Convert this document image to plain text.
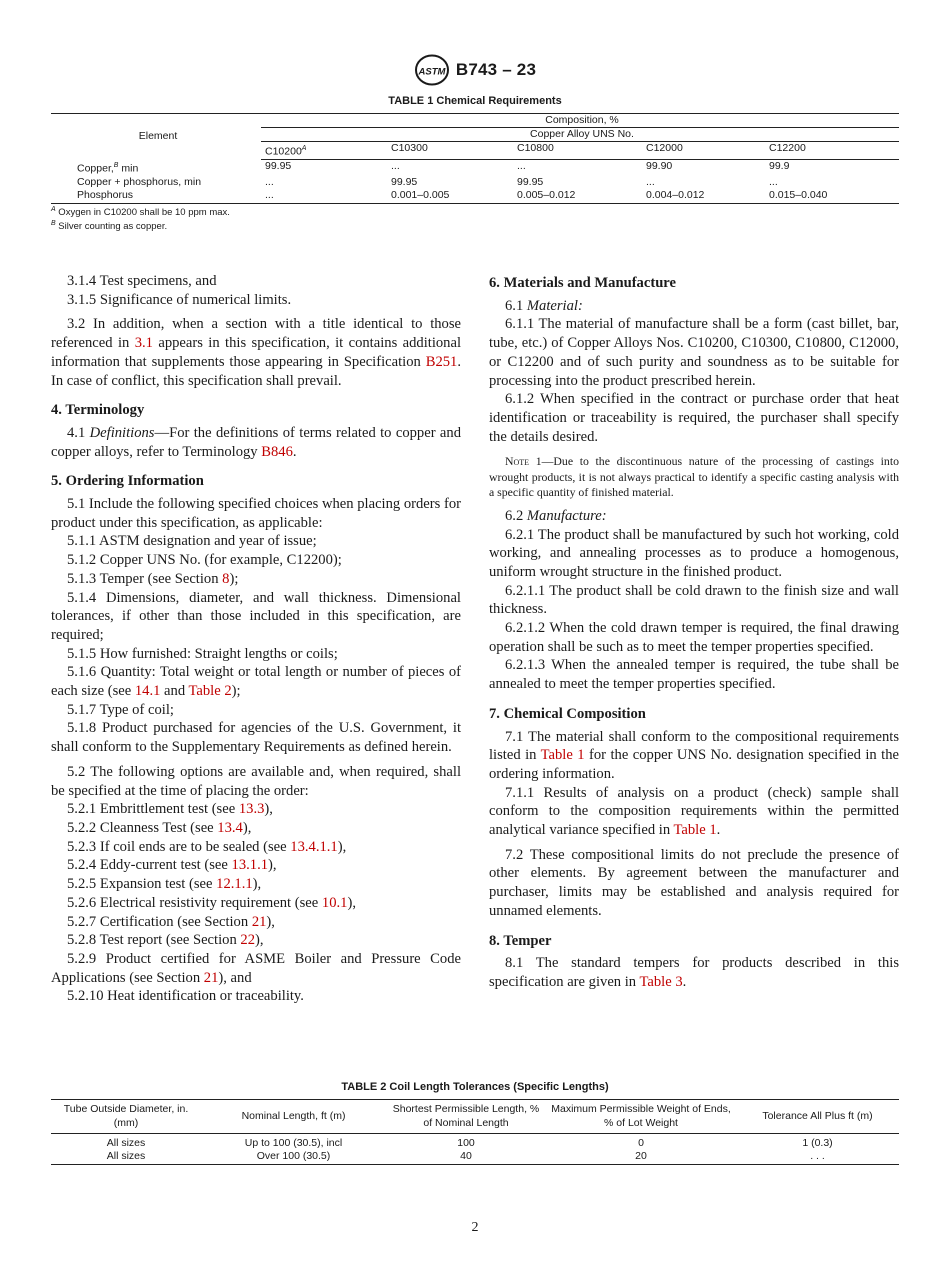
ASTM B743 – 23
TABLE 1 Chemical Requirements
Element	Composition, %				
	Copper Alloy UNS No.				
	$C10200^A$	C10300	C10800	C12000	C12200
Copper,$^B$ min	99.95	...	...	99.90	99.9
Copper + phosphorus, min	...	99.95	99.95	...	...
Phosphorus	...	0.001–0.005	0.005–0.012	0.004–0.012	0.015–0.040
$^A$ Oxygen in C10200 shall be 10 ppm max.
$^B$ Silver counting as copper.

3.1.4 Test specimens, and

3.1.5 Significance of numerical limits.

3.2 In addition, when a section with a title identical to those referenced in 3.1 appears in this specification, it contains additional information that supplements those appearing in Specification B251. In case of conflict, this specification shall prevail.

4. Terminology

4.1 Definitions—For the definitions of terms related to copper and copper alloys, refer to Terminology B846.

5. Ordering Information

5.1 Include the following specified choices when placing orders for product under this specification, as applicable:

5.1.1 ASTM designation and year of issue;

5.1.2 Copper UNS No. (for example, C12200);

5.1.3 Temper (see Section 8);

5.1.4 Dimensions, diameter, and wall thickness. Dimensional tolerances, if other than those included in this specification, are required;

5.1.5 How furnished: Straight lengths or coils;

5.1.6 Quantity: Total weight or total length or number of pieces of each size (see 14.1 and Table 2);

5.1.7 Type of coil;

5.1.8 Product purchased for agencies of the U.S. Government, it shall conform to the Supplementary Requirements as defined herein.

5.2 The following options are available and, when required, shall be specified at the time of placing the order:

5.2.1 Embrittlement test (see 13.3),

5.2.2 Cleanness Test (see 13.4),

5.2.3 If coil ends are to be sealed (see 13.4.1.1),

5.2.4 Eddy-current test (see 13.1.1),

5.2.5 Expansion test (see 12.1.1),

5.2.6 Electrical resistivity requirement (see 10.1),

5.2.7 Certification (see Section 21),

5.2.8 Test report (see Section 22),

5.2.9 Product certified for ASME Boiler and Pressure Code Applications (see Section 21), and

5.2.10 Heat identification or traceability.

6. Materials and Manufacture

6.1 Material:

6.1.1 The material of manufacture shall be a form (cast billet, bar, tube, etc.) of Copper Alloys Nos. C10200, C10300, C10800, C12000, or C12200 and of such purity and soundness as to be suitable for processing into the product prescribed herein.

6.1.2 When specified in the contract or purchase order that heat identification or traceability is required, the purchaser shall specify the details desired.

Note 1—Due to the discontinuous nature of the processing of castings into wrought products, it is not always practical to identify a specific casting analysis with a specific quantity of finished material.

6.2 Manufacture:

6.2.1 The product shall be manufactured by such hot working, cold working, and annealing processes as to produce a homogenous, uniform wrought structure in the finished product.

6.2.1.1 The product shall be cold drawn to the finish size and wall thickness.

6.2.1.2 When the cold drawn temper is required, the final drawing operation shall be such as to meet the temper properties specified.

6.2.1.3 When the annealed temper is required, the tube shall be annealed to meet the temper properties specified.

7. Chemical Composition

7.1 The material shall conform to the compositional requirements listed in Table 1 for the copper UNS No. designation specified in the ordering information.

7.1.1 Results of analysis on a product (check) sample shall conform to the composition requirements within the permitted analytical variance specified in Table 1.

7.2 These compositional limits do not preclude the presence of other elements. By agreement between the manufacturer and purchaser, limits may be established and analysis required for unnamed elements.

8. Temper

8.1 The standard tempers for products described in this specification are given in Table 3.

TABLE 2 Coil Length Tolerances (Specific Lengths)
Tube Outside Diameter, in. (mm)	Nominal Length, ft (m)	Shortest Permissible Length, % of Nominal Length	Maximum Permissible Weight of Ends, % of Lot Weight	Tolerance All Plus ft (m)
All sizes	Up to 100 (30.5), incl	100	0	1 (0.3)
All sizes	Over 100 (30.5)	40	20	. . .
2
